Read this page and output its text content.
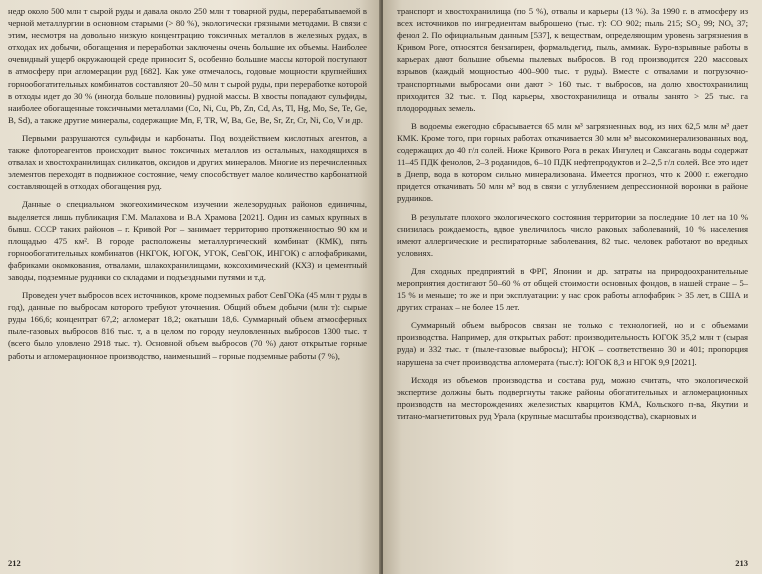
недр около 500 млн т сырой руды и давала около 250 млн т товарной руды, перерабатываемой в черной металлургии в основном старыми (> 80 %), экологически грязными методами. В связи с этим, несмотря на довольно низкую концентрацию токсичных металлов в железных рудах, в отходах их добычи, обогащения и переработки заключены очень большие их объемы. Наиболее очевидный ущерб окружающей среде приносит S, особенно большие массы которой поступают в атмосферу при агломерации руд [682]. Как уже отмечалось, годовые мощности крупнейших горнообогатительных комбинатов составляют 20–50 млн т сырой руды, при переработке которой в отходы идет до 30 % (иногда больше половины) рудной массы. В хвосты попадают сульфиды, наиболее обогащенные токсичными металлами (Co, Ni, Cu, Pb, Zn, Cd, As, Tl, Hg, Mo, Se, Te, Ge, B, Sd), а также другие минералы, содержащие Mn, F, TR, W, Ba, Ge, Be, Sr, Zr, Cr, Ni, Co, V и др.

Первыми разрушаются сульфиды и карбонаты. Под воздействием кислотных агентов, а также флотореагентов происходит вынос токсичных металлов из остальных, находящихся в отвалах и хвостохранилищах силикатов, оксидов и других минералов. Многие из перечисленных элементов переходят в подвижное состояние, чему способствует малое количество карбонатной составляющей в отходах обогащения руд.

Данные о специальном экогеохимическом изучении железорудных районов единичны, выделяется лишь публикация Г.М. Малахова и В.А Храмова [2021]. Один из самых крупных в бывш. СССР таких районов – г. Кривой Рог – занимает территорию протяженностью 90 км и площадью 475 км². В городе расположены металлургический комбинат (КМК), пять горнообогатительных комбинатов (НКГОК, ЮГОК, УГОК, СевГОК, ИНГОК) с аглофабриками, фабриками окомкования, отвалами, шлакохранилищами, коксохимический (КХЗ) и цементный заводы, подземные рудники со складами и подъездными путями и т.д.

Проведен учет выбросов всех источников, кроме подземных работ СевГОКа (45 млн т руды в год), данные по выбросам которого требуют уточнения. Общий объем добычи (млн т): сырые руды 166,6; концентрат 67,2; агломерат 18,2; окатыши 18,6. Суммарный объем атмосферных пыле-газовых выбросов 816 тыс. т, а в целом по городу неуловленных выбросов 1300 тыс. т (всего было уловлено 2918 тыс. т). Основной объем выбросов (70 %) дают открытые горные работы и агломерационное производство, наименьший – горные подземные работы (7 %),

212

транспорт и хвостохранилища (по 5 %), отвалы и карьеры (13 %). За 1990 г. в атмосферу из всех источников по ингредиентам выброшено (тыс. т): CO 902; пыль 215; SO₂ 99; NOₓ 37; фенол 2. По официальным данным [537], к веществам, определяющим уровень загрязнения в Кривом Роге, относятся бензапирен, формальдегид, пыль, аммиак. Буро-взрывные работы в карьерах дают большие объемы пылевых выбросов. В год производится 220 массовых взрывов (каждый мощностью 400–900 тыс. т руды). Вместе с отвалами и погрузочно-транспортными выбросами они дают > 160 тыс. т выбросов, на долю хвостохранилищ приходится 32 тыс. т. Под карьеры, хвостохранилища и отвалы занято > 25 тыс. га плодородных земель.

В водоемы ежегодно сбрасывается 65 млн м³ загрязненных вод, из них 62,5 млн м³ дает КМК. Кроме того, при горных работах откачивается 30 млн м³ высокоминерализованных вод, содержащих до 40 г/л солей. Ниже Кривого Рога в реках Ингулец и Саксагань воды содержат 11–45 ПДК фенолов, 2–3 роданидов, 6–10 ПДК нефтепродуктов и 2–2,5 г/л солей. Все это идет в Днепр, вода в котором сильно минерализована. Имеется прогноз, что к 2000 г. ежегодно придется откачивать 50 млн м³ вод в связи с углублением депрессионной воронки в районе рудников.

В результате плохого экологического состояния территории за последние 10 лет на 10 % снизилась рождаемость, вдвое увеличилось число раковых заболеваний, 10 % населения имеют аллергические и респираторные заболевания, 82 тыс. человек работают во вредных условиях.

Для сходных предприятий в ФРГ, Японии и др. затраты на природоохранительные мероприятия достигают 50–60 % от общей стоимости основных фондов, в нашей стране – 5–15 % и меньше; то же и при эксплуатации: у нас срок работы аглофабрик > 35 лет, в США и других странах – не более 15 лет.

Суммарный объем выбросов связан не только с технологией, но и с объемами производства. Например, для открытых работ: производительность ЮГОК 35,2 млн т (сырая руда) и 332 тыс. т (пыле-газовые выбросы); НГОК – соответственно 30 и 401; пропорция нарушена за счет производства агломерата (тыс.т): ЮГОК 8,3 и НГОК 9,9 [2021].

Исходя из объемов производства и состава руд, можно считать, что экологической экспертизе должны быть подвергнуты также районы обогатительных и агломерационных производств на месторождениях железистых кварцитов КМА, Кольского п-ва, Якутии и титано-магнетитовых руд Урала (крупные масштабы производства), скарновых и

213
